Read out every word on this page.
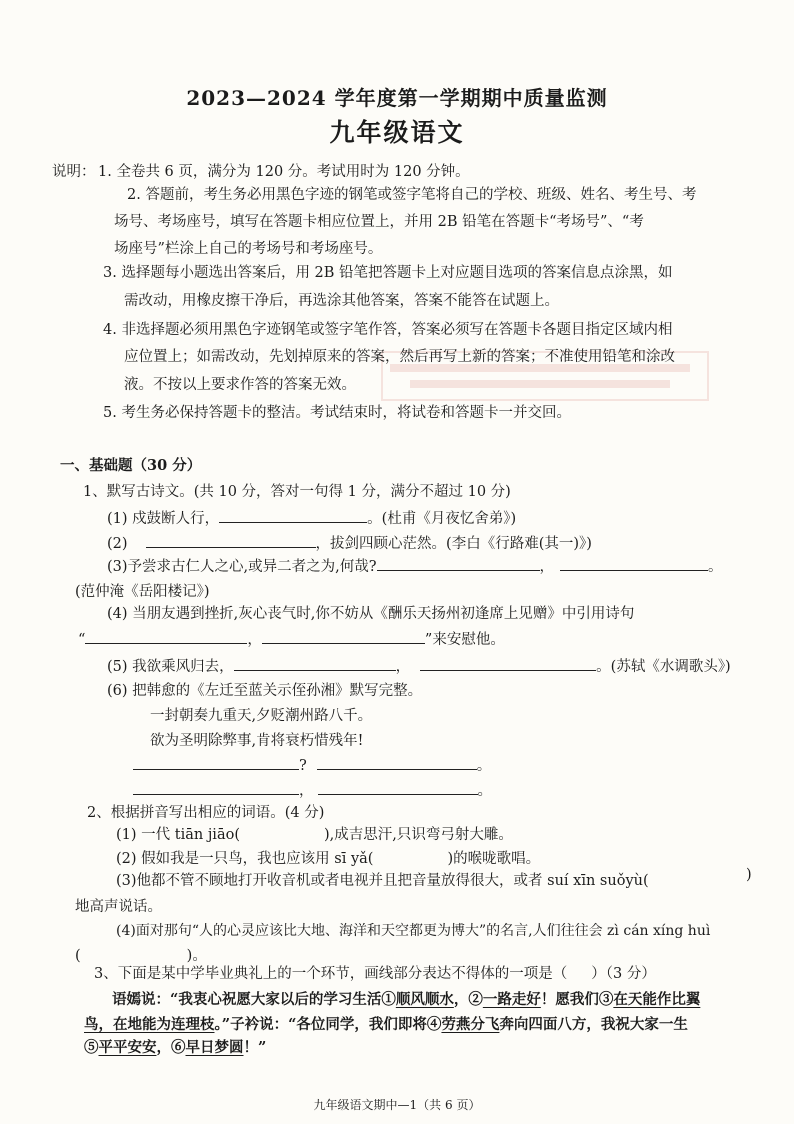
2023—2024 学年度第一学期期中质量监测
九年级语文
说明： 1. 全卷共 6 页，满分为 120 分。考试用时为 120 分钟。
2. 答题前，考生务必用黑色字迹的钢笔或签字笔将自己的学校、班级、姓名、考生号、考
场号、考场座号，填写在答题卡相应位置上，并用 2B 铅笔在答题卡“考场号”、“考
场座号”栏涂上自己的考场号和考场座号。
3. 选择题每小题选出答案后，用 2B 铅笔把答题卡上对应题目选项的答案信息点涂黑，如
需改动，用橡皮擦干净后，再选涂其他答案，答案不能答在试题上。
4. 非选择题必须用黑色字迹钢笔或签字笔作答，答案必须写在答题卡各题目指定区域内相
应位置上；如需改动，先划掉原来的答案，然后再写上新的答案；不准使用铅笔和涂改
液。不按以上要求作答的答案无效。
5. 考生务必保持答题卡的整洁。考试结束时，将试卷和答题卡一并交回。
一、基础题（30 分）
1、默写古诗文。(共 10 分，答对一句得 1 分，满分不超过 10 分)
(1) 戍鼓断人行，	。(杜甫《月夜忆舍弟》)
(2)	，拔剑四顾心茫然。(李白《行路难(其一)》)
(3)予尝求古仁人之心,或异二者之为,何哉?	，	。
(范仲淹《岳阳楼记》)
(4) 当朋友遇到挫折,灰心丧气时,你不妨从《酬乐天扬州初逢席上见赠》中引用诗句
“	，	”来安慰他。
(5) 我欲乘风归去，	，	。(苏轼《水调歌头》)
(6) 把韩愈的《左迁至蓝关示侄孙湘》默写完整。
一封朝奏九重天,夕贬潮州路八千。
欲为圣明除弊事,肯将衰朽惜残年!
?	。
，	。
2、根据拼音写出相应的词语。(4 分)
(1) 一代 tiān jiāo(	),成吉思汗,只识弯弓射大雕。
(2) 假如我是一只鸟，我也应该用 sī yǎ(	)的喉咙歌唱。
(3)他都不管不顾地打开收音机或者电视并且把音量放得很大，或者 suí xīn suǒyù(	)
地高声说话。
(4)面对那句“人的心灵应该比大地、海洋和天空都更为博大”的名言,人们往往会 zì cán xíng huì
(	)。
3、下面是某中学毕业典礼上的一个环节，画线部分表达不得体的一项是（ ）（3 分）
语嫣说：“我衷心祝愿大家以后的学习生活①顺风顺水，②一路走好！愿我们③在天能作比翼
鸟，在地能为连理枝。”子衿说：“各位同学，我们即将④劳燕分飞奔向四面八方，我祝大家一生
⑤平平安安，⑥早日梦圆！”
九年级语文期中—1（共 6 页）
